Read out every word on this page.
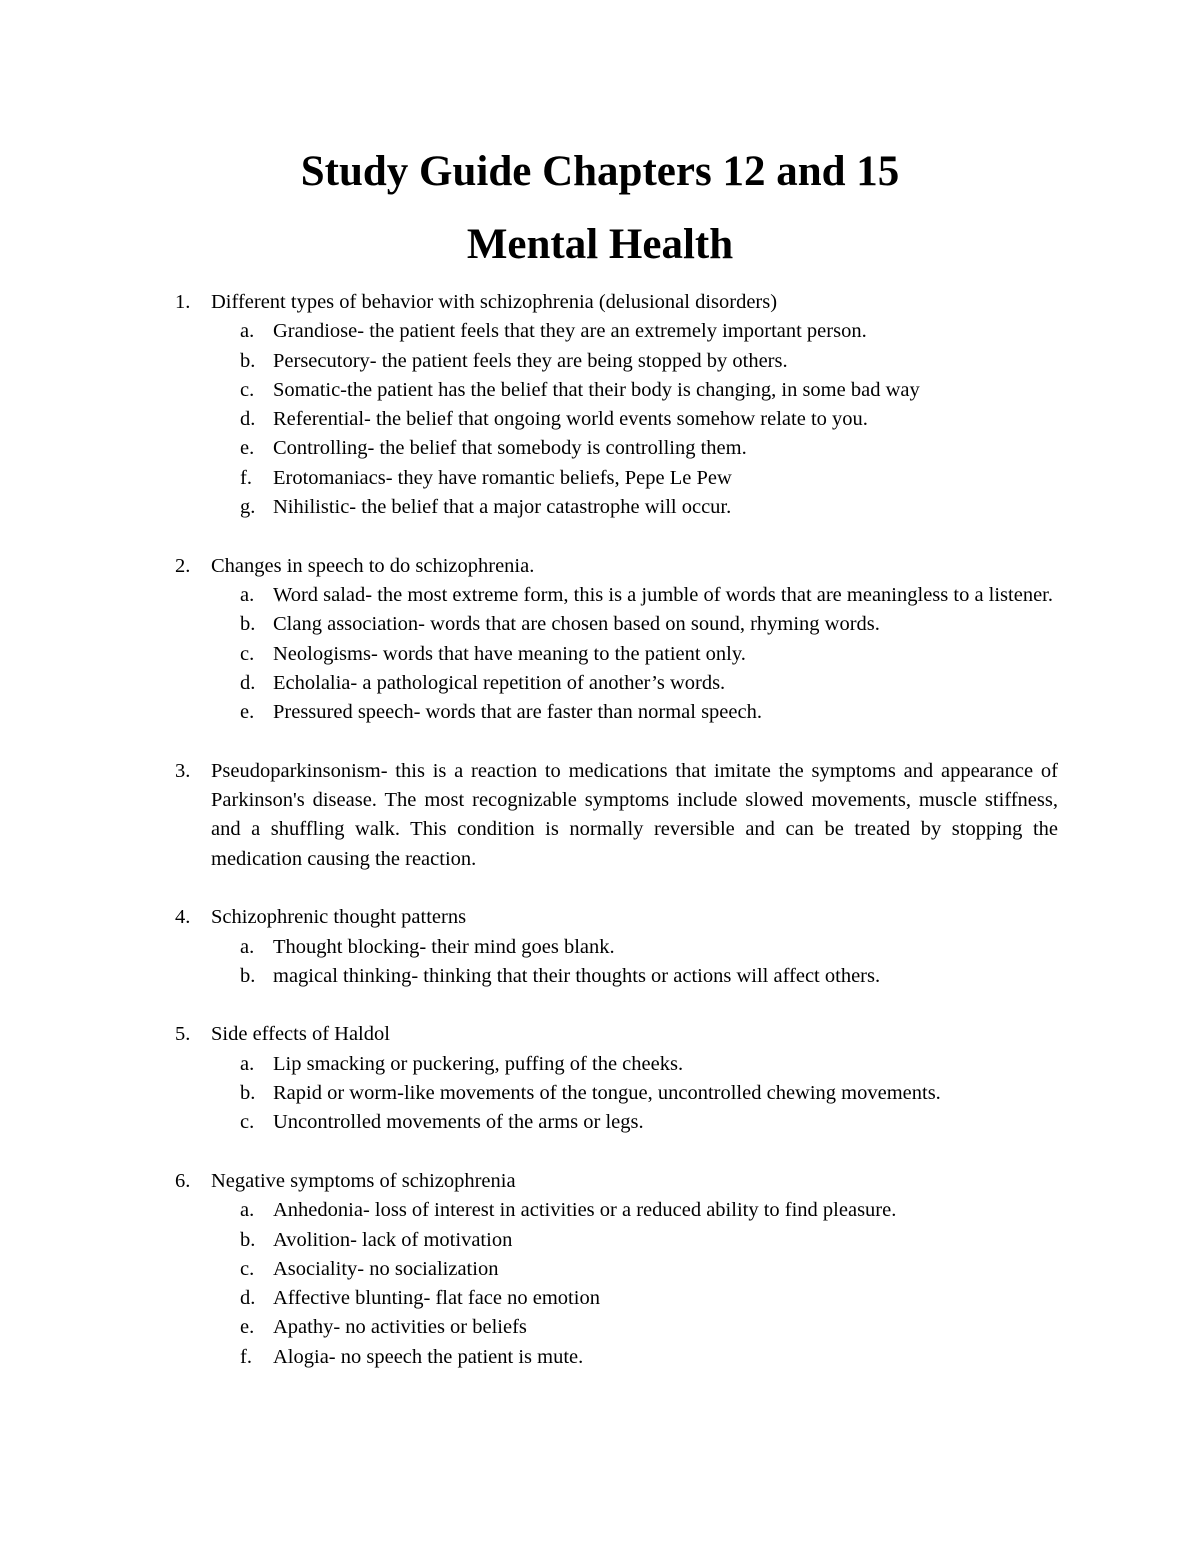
Study Guide Chapters 12 and 15
Mental Health
1. Different types of behavior with schizophrenia (delusional disorders)
a. Grandiose- the patient feels that they are an extremely important person.
b. Persecutory- the patient feels they are being stopped by others.
c. Somatic-the patient has the belief that their body is changing, in some bad way
d. Referential- the belief that ongoing world events somehow relate to you.
e. Controlling- the belief that somebody is controlling them.
f. Erotomaniacs- they have romantic beliefs, Pepe Le Pew
g. Nihilistic- the belief that a major catastrophe will occur.
2. Changes in speech to do schizophrenia.
a. Word salad- the most extreme form, this is a jumble of words that are meaningless to a listener.
b. Clang association- words that are chosen based on sound, rhyming words.
c. Neologisms- words that have meaning to the patient only.
d. Echolalia- a pathological repetition of another’s words.
e. Pressured speech- words that are faster than normal speech.
3. Pseudoparkinsonism- this is a reaction to medications that imitate the symptoms and appearance of Parkinson's disease. The most recognizable symptoms include slowed movements, muscle stiffness, and a shuffling walk. This condition is normally reversible and can be treated by stopping the medication causing the reaction.
4. Schizophrenic thought patterns
a. Thought blocking- their mind goes blank.
b. magical thinking- thinking that their thoughts or actions will affect others.
5. Side effects of Haldol
a. Lip smacking or puckering, puffing of the cheeks.
b. Rapid or worm-like movements of the tongue, uncontrolled chewing movements.
c. Uncontrolled movements of the arms or legs.
6. Negative symptoms of schizophrenia
a. Anhedonia- loss of interest in activities or a reduced ability to find pleasure.
b. Avolition- lack of motivation
c. Asociality- no socialization
d. Affective blunting- flat face no emotion
e. Apathy- no activities or beliefs
f. Alogia- no speech the patient is mute.
